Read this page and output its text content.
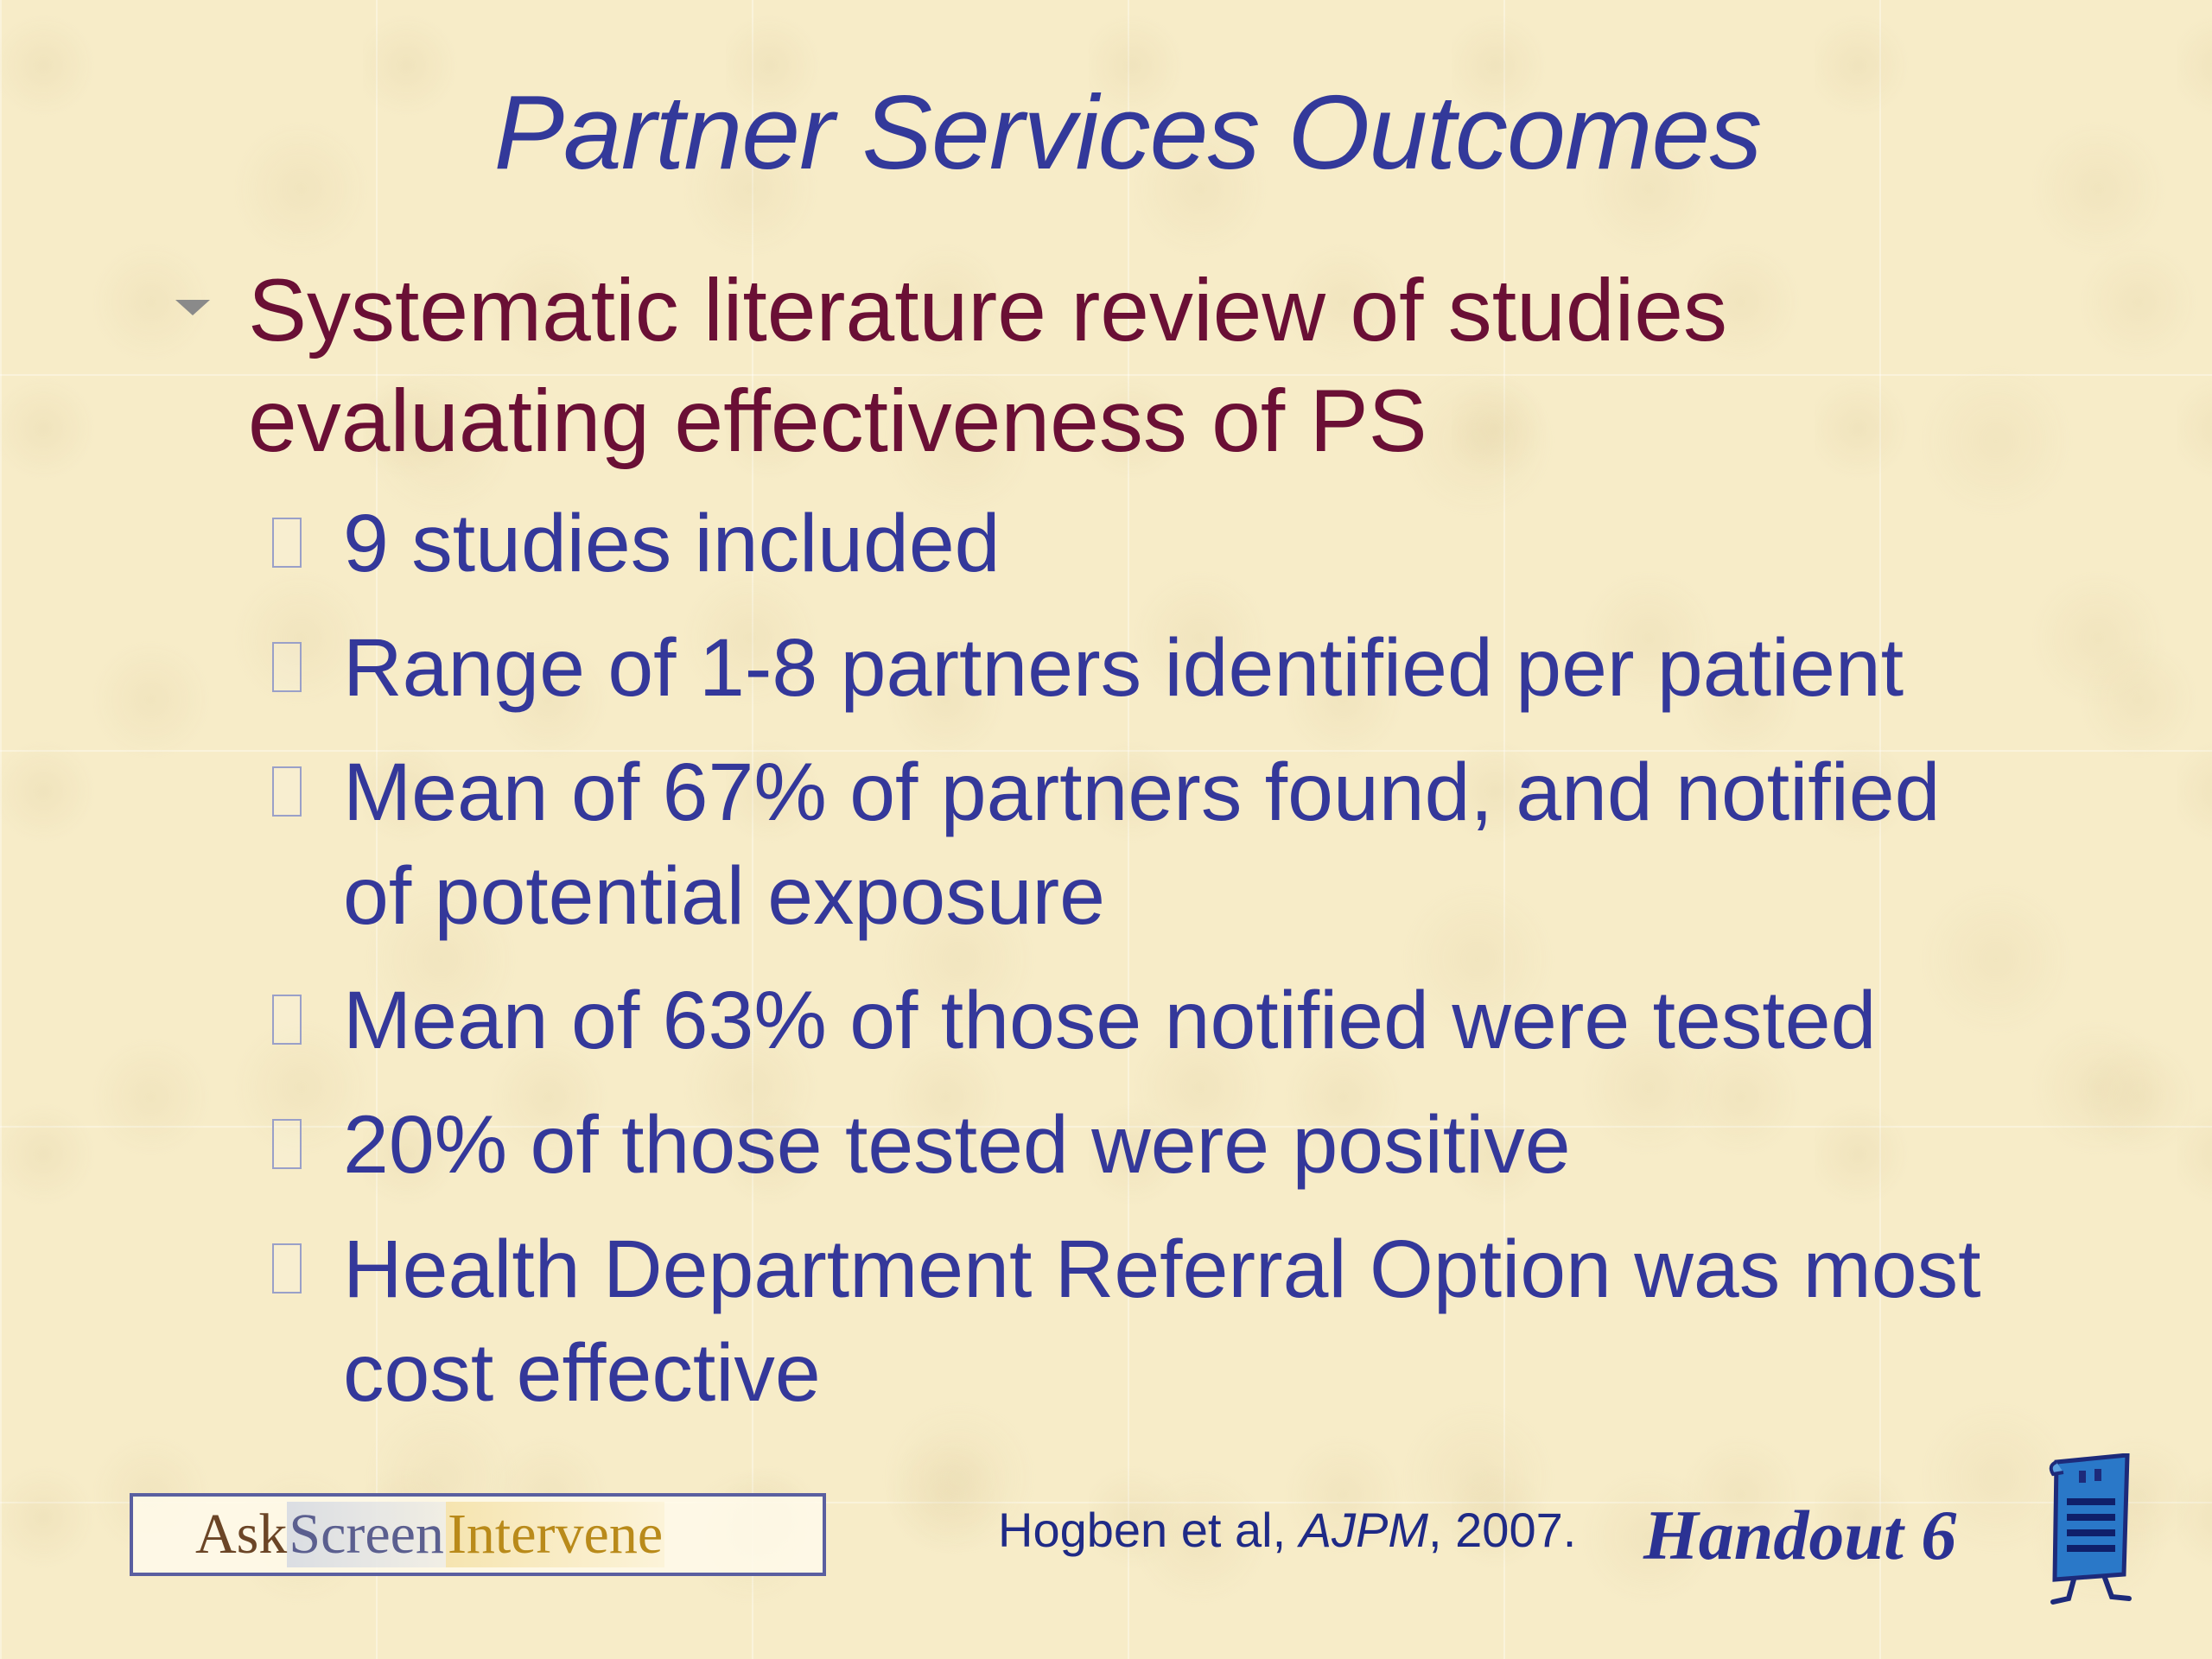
Partner Services Outcomes
Systematic literature review of studies
evaluating effectiveness of PS
9 studies included
Range of 1-8 partners identified per patient
Mean of 67% of partners found, and notified
of potential exposure
Mean of 63% of those notified were tested
20% of those tested were positive
Health Department Referral Option was most
cost effective
Ask Screen Intervene	Hogben et al, AJPM, 2007. Handout 6
